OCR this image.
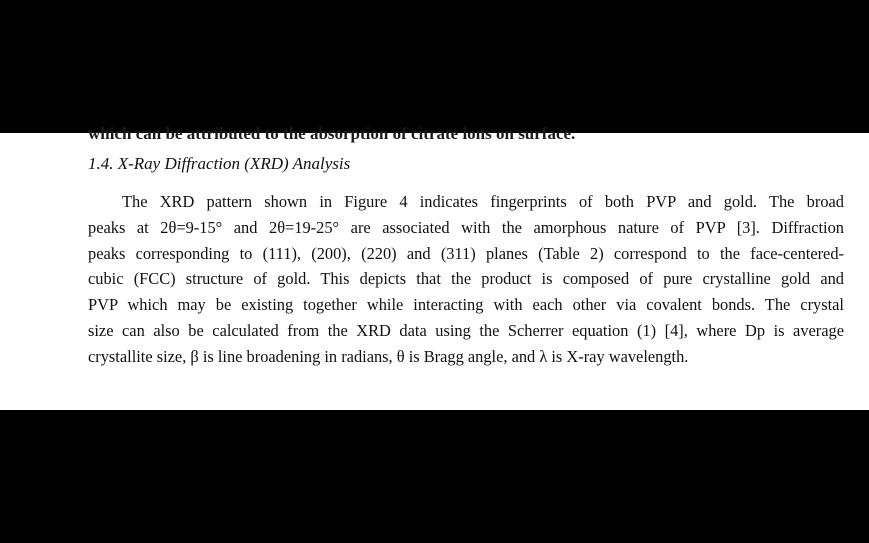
which can be attributed to the absorption of citrate ions on surface.
1.4. X-Ray Diffraction (XRD) Analysis
The XRD pattern shown in Figure 4 indicates fingerprints of both PVP and gold. The broad
peaks at 2θ=9-15° and 2θ=19-25° are associated with the amorphous nature of PVP [3]. Diffraction
peaks corresponding to (111), (200), (220) and (311) planes (Table 2) correspond to the face-centered-
cubic (FCC) structure of gold. This depicts that the product is composed of pure crystalline gold and
PVP which may be existing together while interacting with each other via covalent bonds. The crystal
size can also be calculated from the XRD data using the Scherrer equation (1) [4], where Dp is average
crystallite size, β is line broadening in radians, θ is Bragg angle, and λ is X-ray wavelength.
